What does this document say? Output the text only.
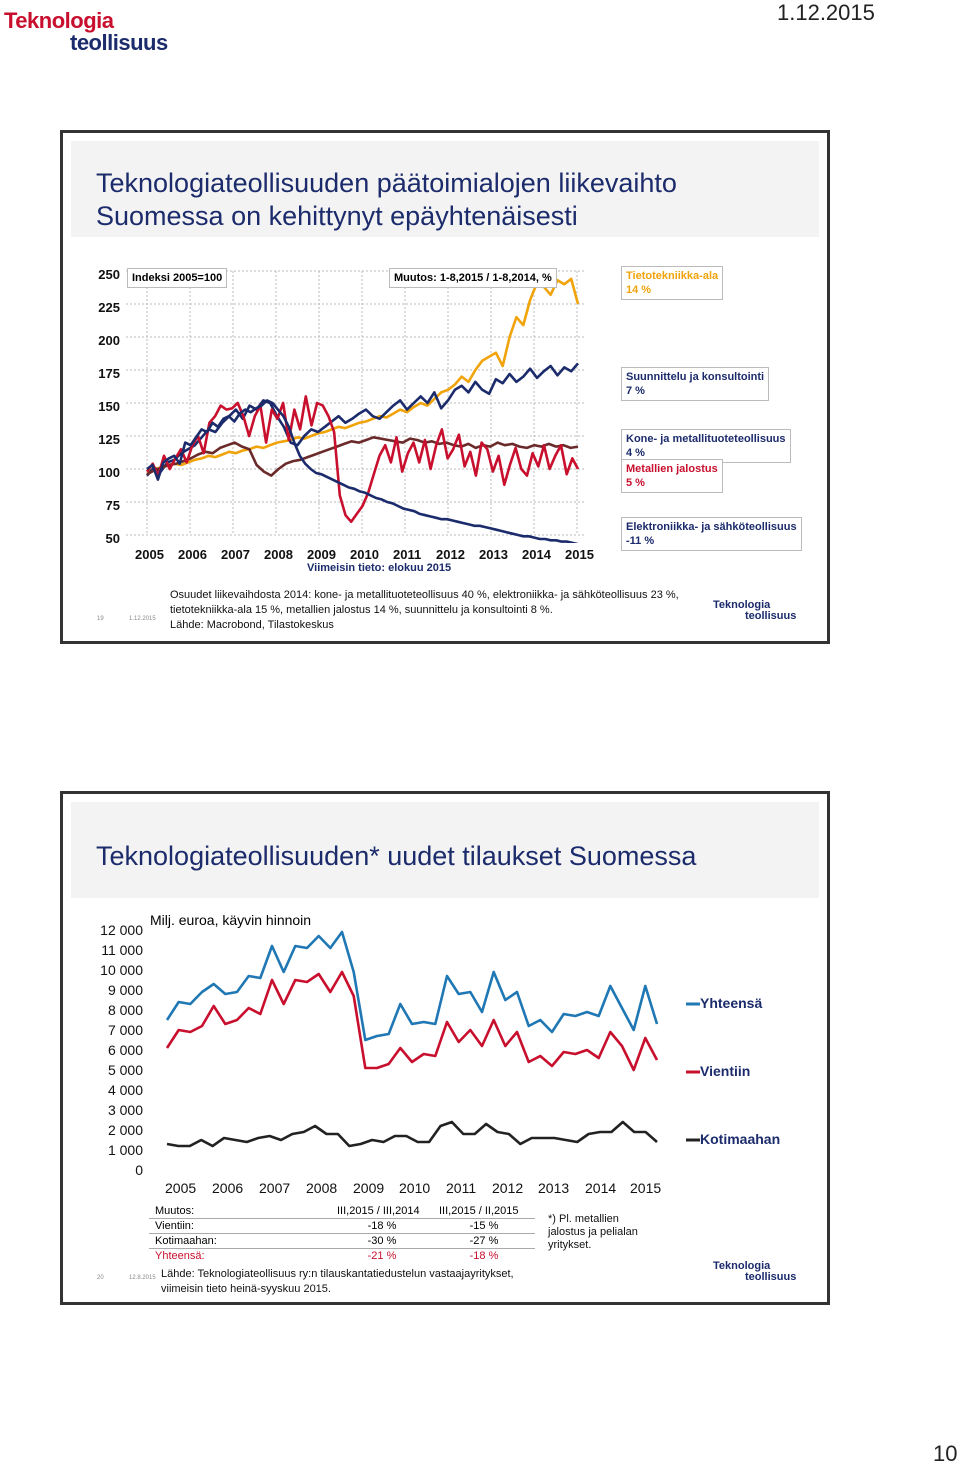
Teknologia
teollisuus
1.12.2015
Teknologiateollisuuden päätoimialojen liikevaihto
Suomessa on kehittynyt epäyhtenäisesti
250
225
200
175
150
125
100
75
50
Indeksi 2005=100	Muutos: 1-8,2015 / 1-8,2014, %
2005 2006 2007 2008 2009 2010 2011 2012 2013 2014 2015
Viimeisin tieto: elokuu 2015
Tietotekniikka-ala
14 %
Suunnittelu ja konsultointi
7 %
Kone- ja metallituoteteollisuus
4 %
Metallien jalostus
5 %
Elektroniikka- ja sähköteollisuus
-11 %
19	1.12.2015
Osuudet liikevaihdosta 2014: kone- ja metallituoteteollisuus 40 %, elektroniikka- ja sähköteollisuus 23 %,
tietotekniikka-ala 15 %, metallien jalostus 14 %, suunnittelu ja konsultointi 8 %.
Lähde: Macrobond, Tilastokeskus
Teknologia
teollisuus
Teknologiateollisuuden* uudet tilaukset Suomessa
Milj. euroa, käyvin hinnoin
12 000
11 000
10 000
9 000
8 000
7 000
6 000
5 000
4 000
3 000
2 000
1 000
0
2005 2006 2007 2008 2009 2010 2011 2012 2013 2014 2015
Yhteensä
Vientiin
Kotimaahan
Muutos:	III,2015 / III,2014	III,2015 / II,2015
Vientiin:	-18 %	-15 %
Kotimaahan:	-30 %	-27 %
Yhteensä:	-21 %	-18 %
*) Pl. metallien jalostus ja pelialan yritykset.
20	12.8.2015 Lähde: Teknologiateollisuus ry:n tilauskantatiedustelun vastaajayritykset,
viimeisin tieto heinä-syyskuu 2015.
Teknologia
teollisuus
10
